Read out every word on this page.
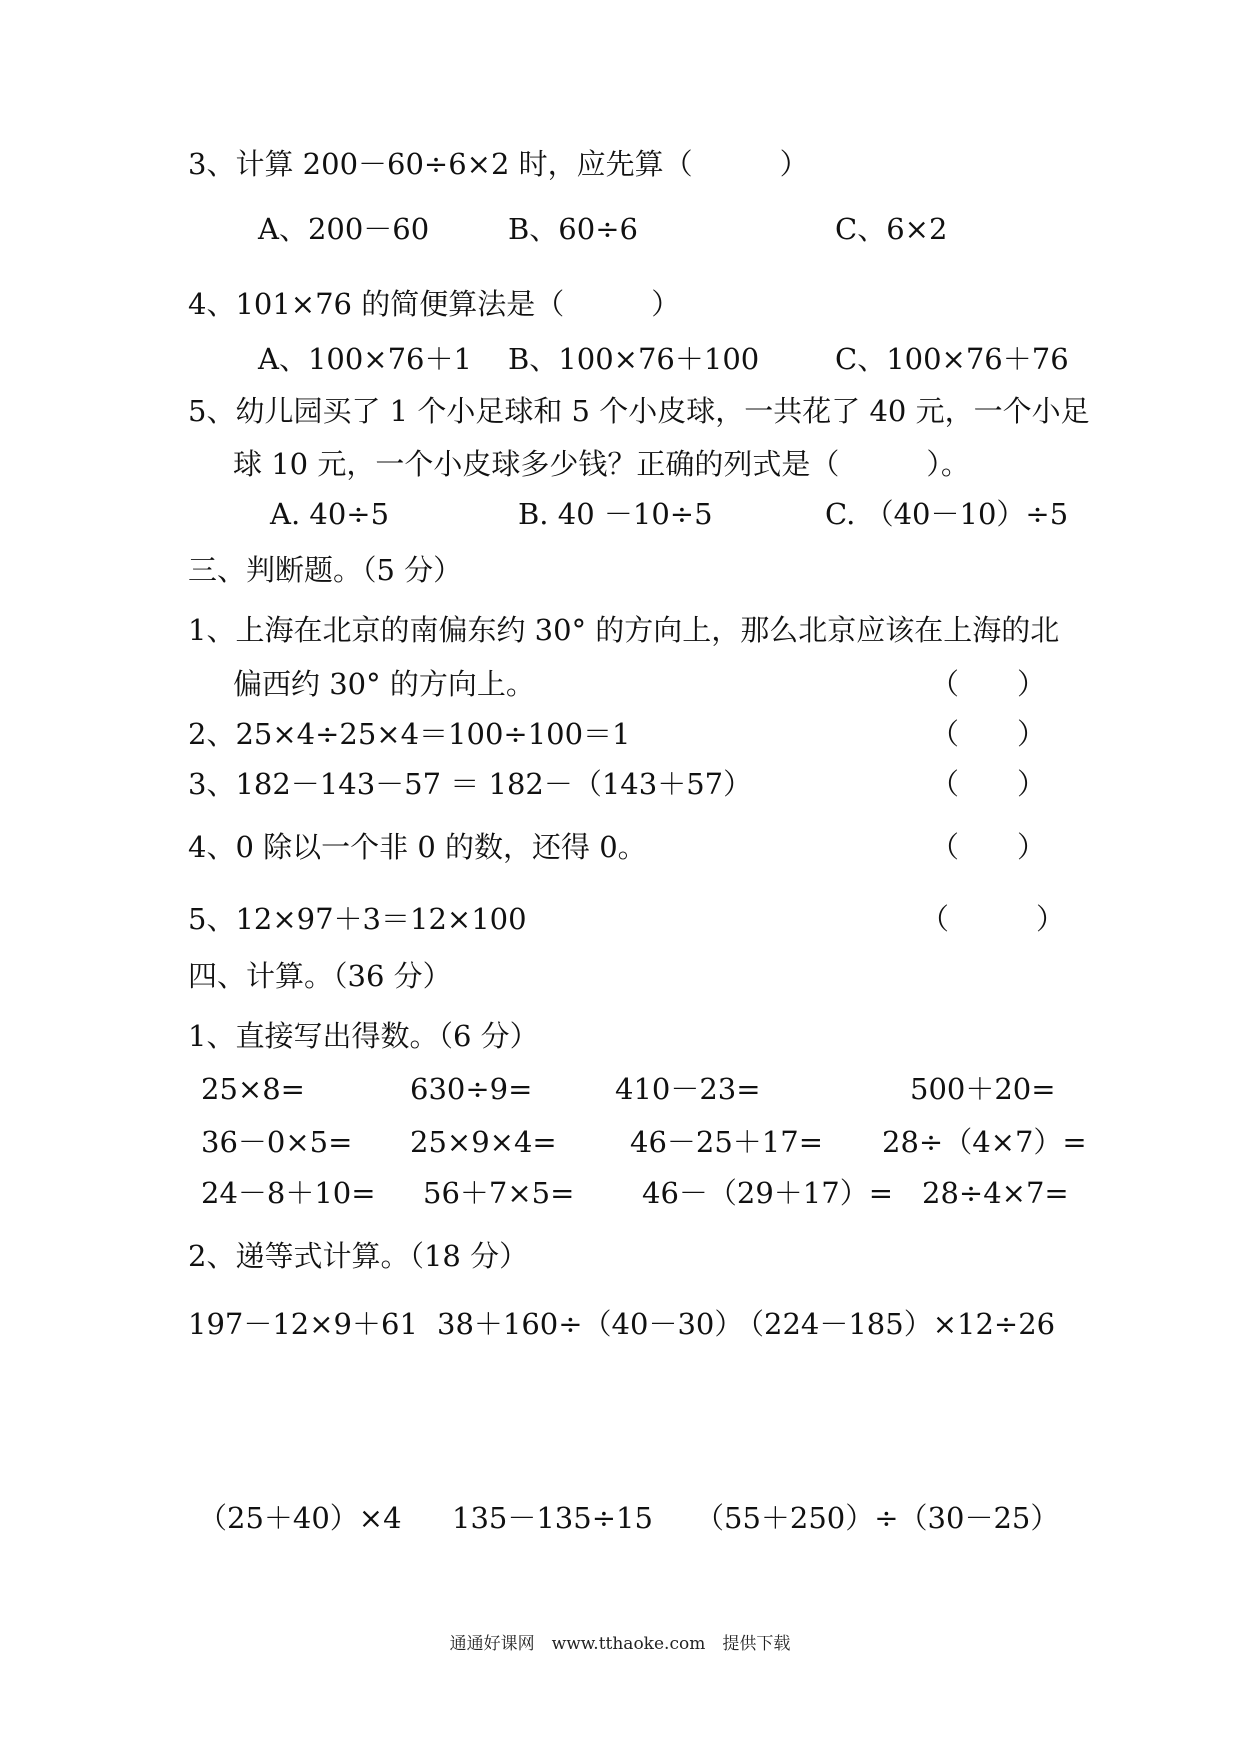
3、计算 200－60÷6×2 时，应先算（　　　）
A、200－60	B、60÷6	C、6×2
4、101×76 的简便算法是（　　　）
A、100×76＋1 B、100×76＋100	C、100×76＋76
5、幼儿园买了 1 个小足球和 5 个小皮球，一共花了 40 元，一个小足
球 10 元，一个小皮球多少钱？正确的列式是（　　　）。
A. 40÷5	B. 40 －10÷5	C. （40－10）÷5
三、判断题。（5 分）
1、上海在北京的南偏东约 30° 的方向上，那么北京应该在上海的北
偏西约 30° 的方向上。	（　　）
2、25×4÷25×4＝100÷100＝1	（　　）
3、182－143－57 ＝ 182－（143＋57）	（　　）
4、0 除以一个非 0 的数，还得 0。	（　　）
5、12×97＋3＝12×100	（　　　）
四、计算。（36 分）
1、直接写出得数。（6 分）
25×8=	630÷9=	410－23=	500＋20=
36－0×5= 25×9×4=	46－25＋17= 28÷（4×7）=
24－8＋10= 56＋7×5= 46－（29＋17）= 28÷4×7=
2、递等式计算。（18 分）
197－12×9＋61 38＋160÷（40－30）
（224－185）×12÷26
（25＋40）×4 135－135÷15 （55＋250）÷（30－25）
通通好课网　www.tthaoke.com　提供下载
